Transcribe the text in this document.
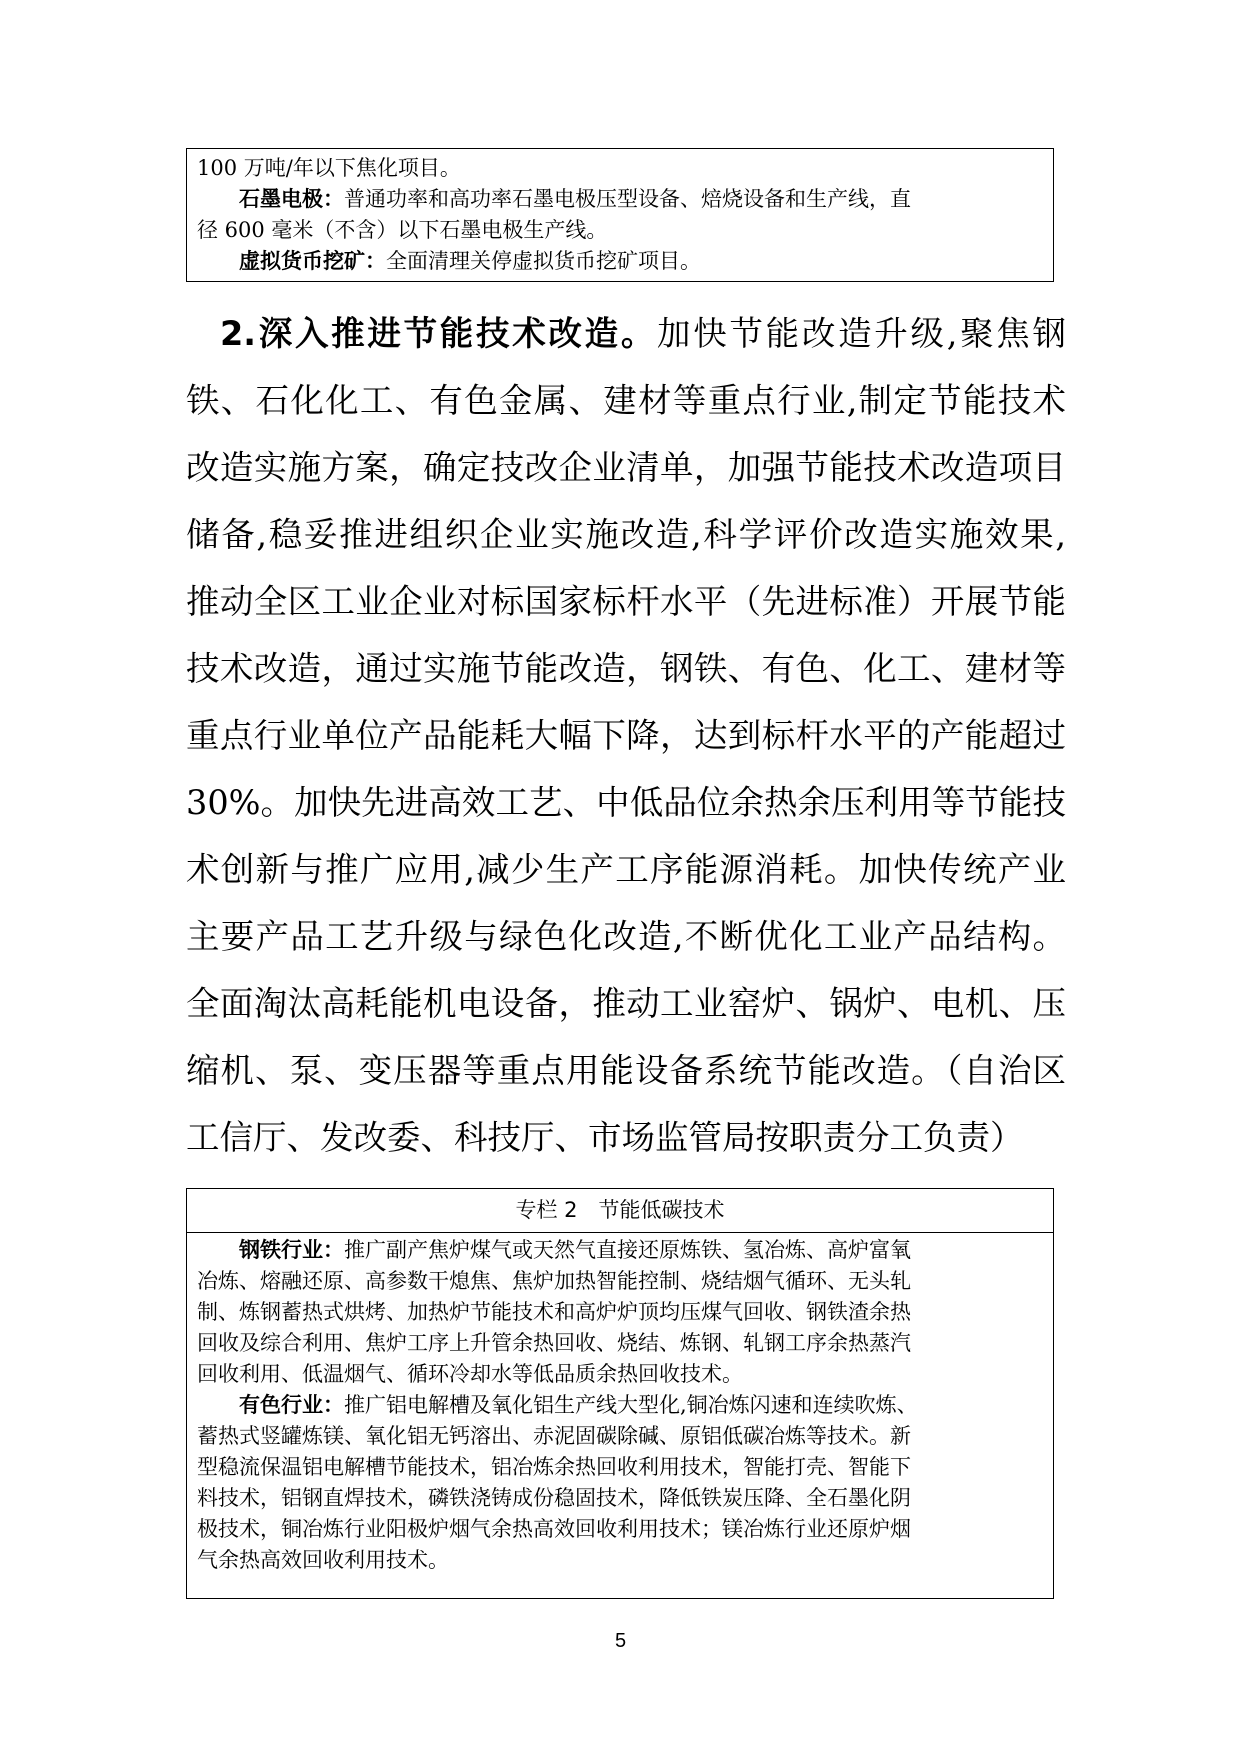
100 万吨/年以下焦化项目。
石墨电极：普通功率和高功率石墨电极压型设备、焙烧设备和生产线，直
径 600 毫米（不含）以下石墨电极生产线。
虚拟货币挖矿：全面清理关停虚拟货币挖矿项目。
2.深入推进节能技术改造。加快节能改造升级,聚焦钢
铁、石化化工、有色金属、建材等重点行业,制定节能技术
改造实施方案，确定技改企业清单，加强节能技术改造项目
储备,稳妥推进组织企业实施改造,科学评价改造实施效果,
推动全区工业企业对标国家标杆水平（先进标准）开展节能
技术改造，通过实施节能改造，钢铁、有色、化工、建材等
重点行业单位产品能耗大幅下降，达到标杆水平的产能超过
30%。加快先进高效工艺、中低品位余热余压利用等节能技
术创新与推广应用,减少生产工序能源消耗。加快传统产业
主要产品工艺升级与绿色化改造,不断优化工业产品结构。
全面淘汰高耗能机电设备，推动工业窑炉、锅炉、电机、压
缩机、泵、变压器等重点用能设备系统节能改造。（自治区
工信厅、发改委、科技厅、市场监管局按职责分工负责）
专栏 2　节能低碳技术
钢铁行业：推广副产焦炉煤气或天然气直接还原炼铁、氢冶炼、高炉富氧
冶炼、熔融还原、高参数干熄焦、焦炉加热智能控制、烧结烟气循环、无头轧
制、炼钢蓄热式烘烤、加热炉节能技术和高炉炉顶均压煤气回收、钢铁渣余热
回收及综合利用、焦炉工序上升管余热回收、烧结、炼钢、轧钢工序余热蒸汽
回收利用、低温烟气、循环冷却水等低品质余热回收技术。
有色行业：推广铝电解槽及氧化铝生产线大型化,铜冶炼闪速和连续吹炼、
蓄热式竖罐炼镁、氧化铝无钙溶出、赤泥固碳除碱、原铝低碳冶炼等技术。新
型稳流保温铝电解槽节能技术，铝冶炼余热回收利用技术，智能打壳、智能下
料技术，铝钢直焊技术，磷铁浇铸成份稳固技术，降低铁炭压降、全石墨化阴
极技术，铜冶炼行业阳极炉烟气余热高效回收利用技术；镁冶炼行业还原炉烟
气余热高效回收利用技术。
5
